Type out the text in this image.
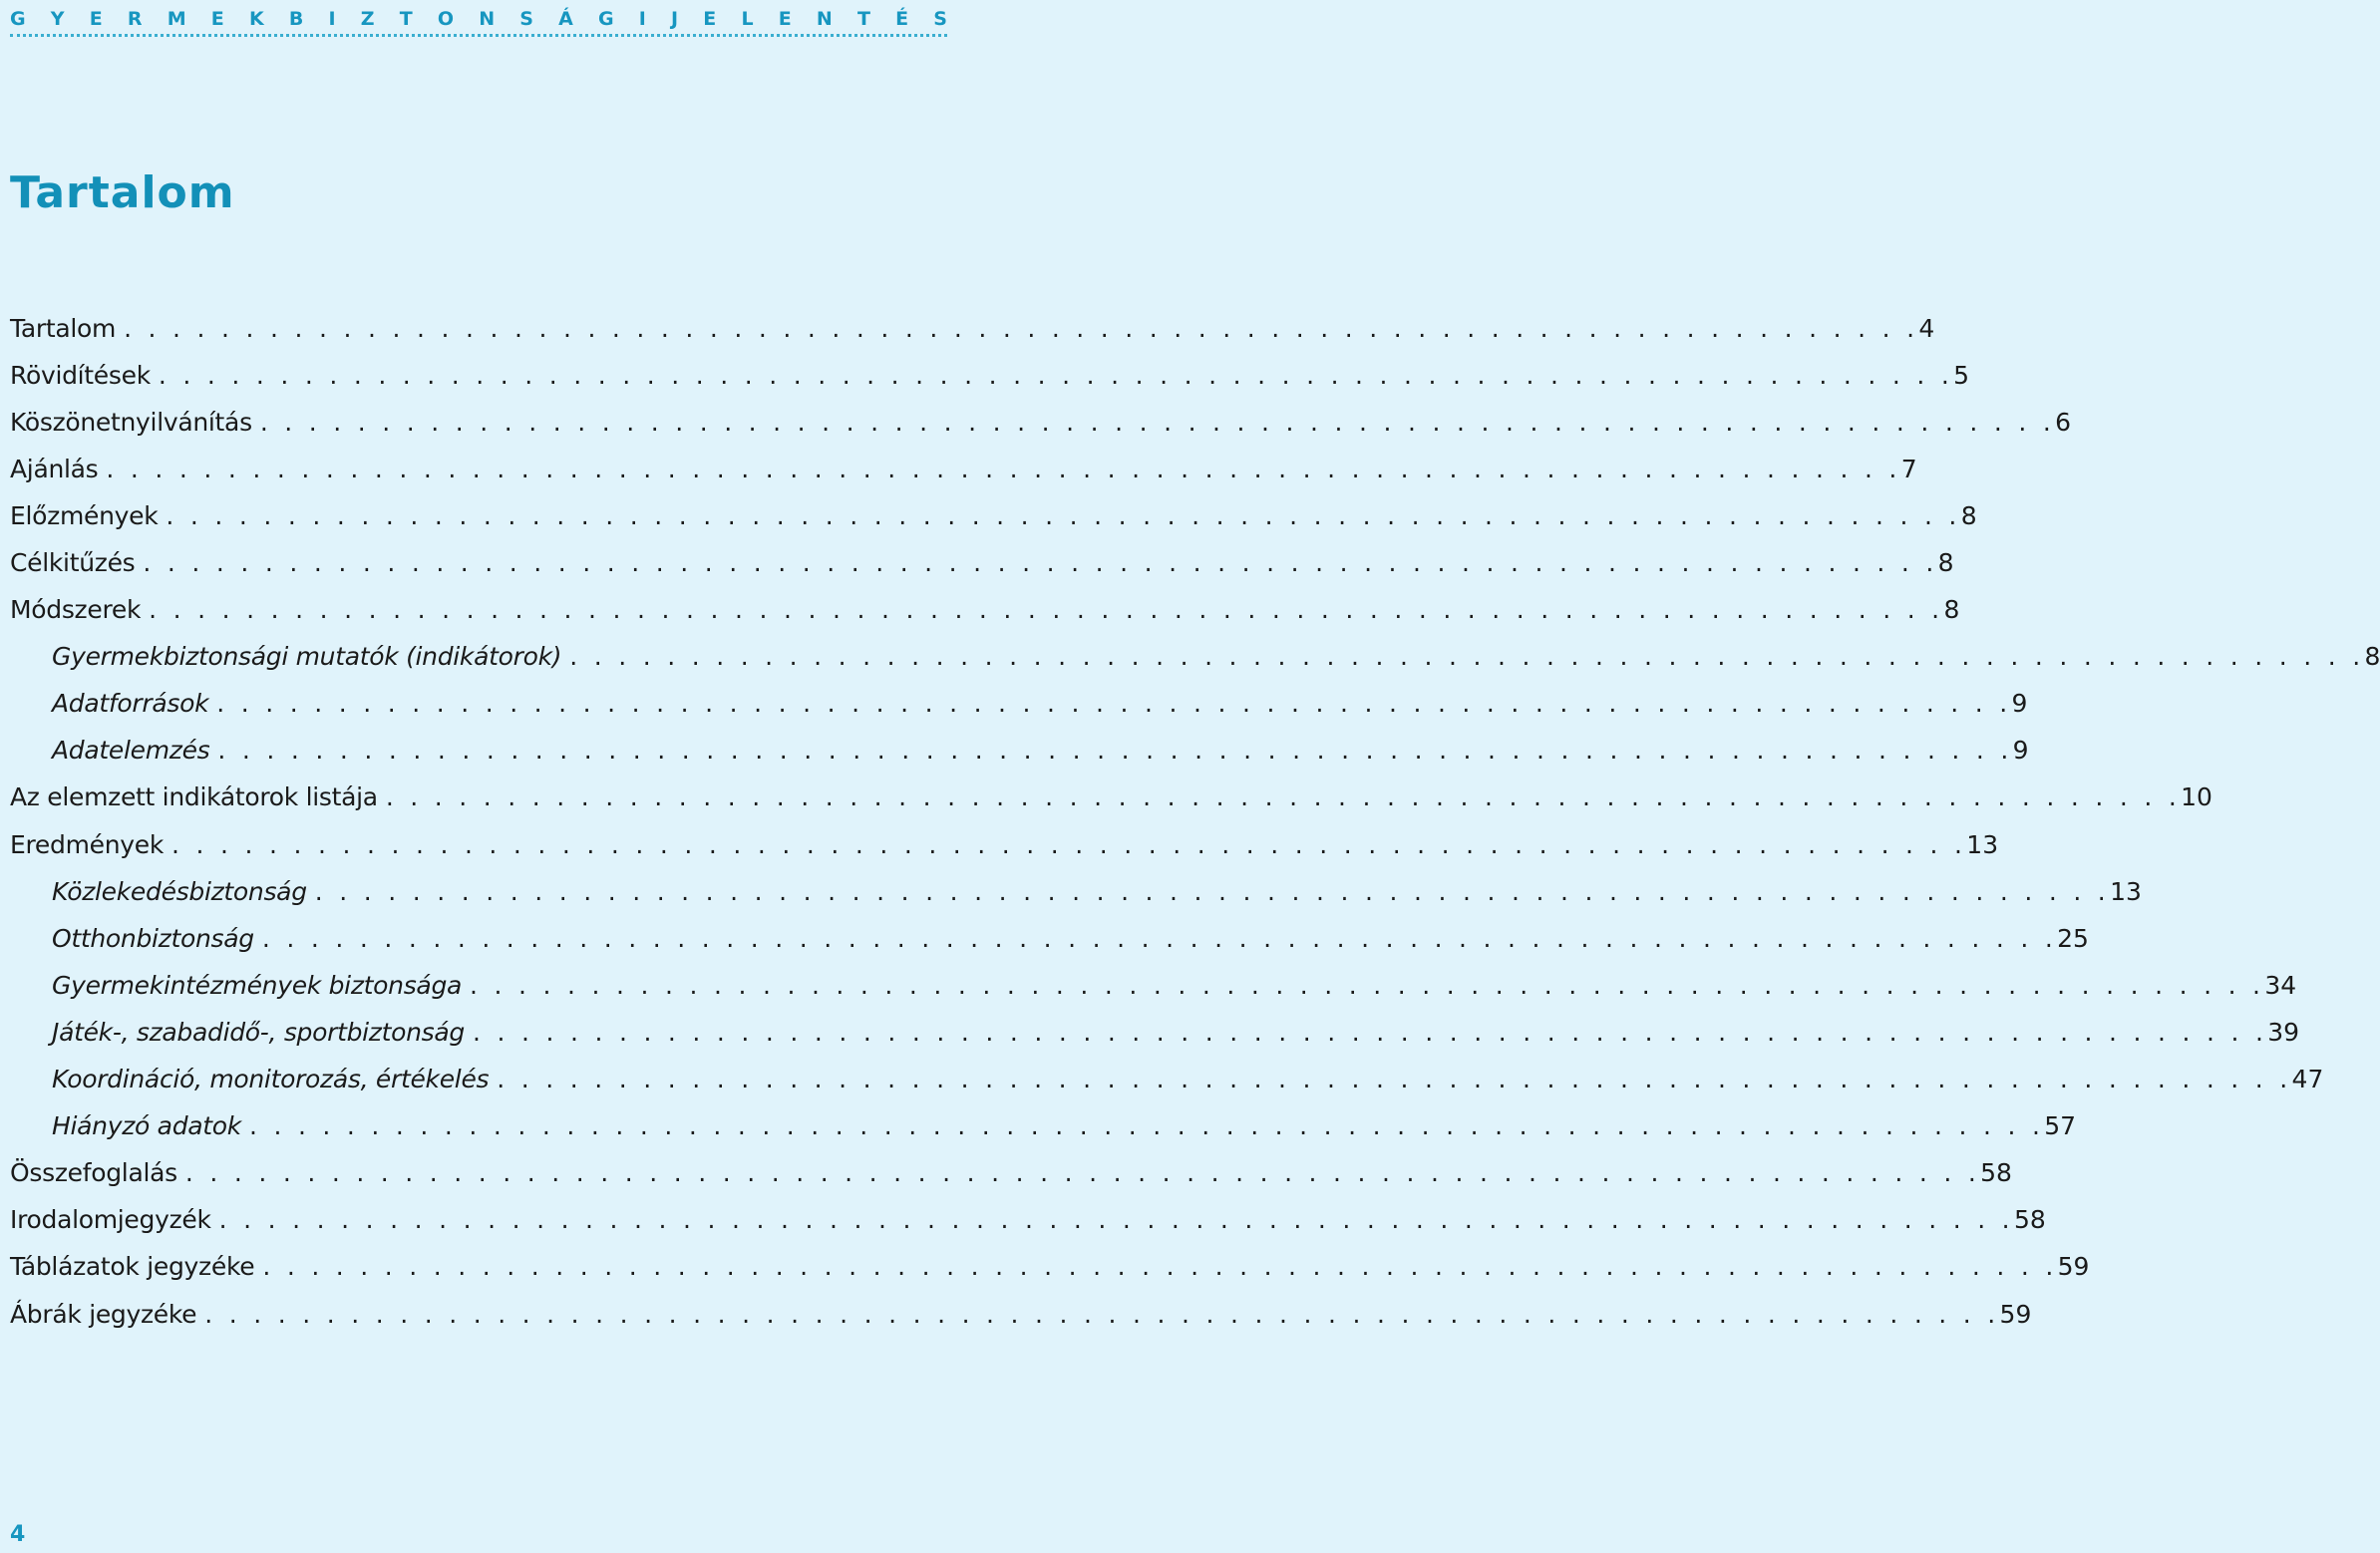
G Y E R M E K B I Z T O N S Á G I J E L E N T É S
Tartalom
Tartalom . . . . . . . . . . . . . . . . . . . . . . . . . . . . . . . . . . . . . . . . . . . . . . . . . . . . . . . . . . . . . . . . . . . . . . . . . . 4
Rövidítések . . . . . . . . . . . . . . . . . . . . . . . . . . . . . . . . . . . . . . . . . . . . . . . . . . . . . . . . . . . . . . . . . . . . . . . . . . 5
Köszönetnyilvánítás . . . . . . . . . . . . . . . . . . . . . . . . . . . . . . . . . . . . . . . . . . . . . . . . . . . . . . . . . . . . . . . . . . . . . . . . . . 6
Ajánlás . . . . . . . . . . . . . . . . . . . . . . . . . . . . . . . . . . . . . . . . . . . . . . . . . . . . . . . . . . . . . . . . . . . . . . . . . . 7
Előzmények . . . . . . . . . . . . . . . . . . . . . . . . . . . . . . . . . . . . . . . . . . . . . . . . . . . . . . . . . . . . . . . . . . . . . . . . . . 8
Célkitűzés . . . . . . . . . . . . . . . . . . . . . . . . . . . . . . . . . . . . . . . . . . . . . . . . . . . . . . . . . . . . . . . . . . . . . . . . . . 8
Módszerek . . . . . . . . . . . . . . . . . . . . . . . . . . . . . . . . . . . . . . . . . . . . . . . . . . . . . . . . . . . . . . . . . . . . . . . . . . 8
Gyermekbiztonsági mutatók (indikátorok) . . . . . . . . . . . . . . . . . . . . . . . . . . . . . . . . . . . . . . . . . . . . . . . . . . . . . . . . . . . . . . . . . . . . . . . . . . 8
Adatforrások . . . . . . . . . . . . . . . . . . . . . . . . . . . . . . . . . . . . . . . . . . . . . . . . . . . . . . . . . . . . . . . . . . . . . . . . . . 9
Adatelemzés . . . . . . . . . . . . . . . . . . . . . . . . . . . . . . . . . . . . . . . . . . . . . . . . . . . . . . . . . . . . . . . . . . . . . . . . . . 9
Az elemzett indikátorok listája . . . . . . . . . . . . . . . . . . . . . . . . . . . . . . . . . . . . . . . . . . . . . . . . . . . . . . . . . . . . . . . . . . . . . . . . . . 10
Eredmények . . . . . . . . . . . . . . . . . . . . . . . . . . . . . . . . . . . . . . . . . . . . . . . . . . . . . . . . . . . . . . . . . . . . . . . . . . 13
Közlekedésbiztonság . . . . . . . . . . . . . . . . . . . . . . . . . . . . . . . . . . . . . . . . . . . . . . . . . . . . . . . . . . . . . . . . . . . . . . . . . . 13
Otthonbiztonság . . . . . . . . . . . . . . . . . . . . . . . . . . . . . . . . . . . . . . . . . . . . . . . . . . . . . . . . . . . . . . . . . . . . . . . . . . 25
Gyermekintézmények biztonsága . . . . . . . . . . . . . . . . . . . . . . . . . . . . . . . . . . . . . . . . . . . . . . . . . . . . . . . . . . . . . . . . . . . . . . . . . . 34
Játék-, szabadidő-, sportbiztonság . . . . . . . . . . . . . . . . . . . . . . . . . . . . . . . . . . . . . . . . . . . . . . . . . . . . . . . . . . . . . . . . . . . . . . . . . . 39
Koordináció, monitorozás, értékelés . . . . . . . . . . . . . . . . . . . . . . . . . . . . . . . . . . . . . . . . . . . . . . . . . . . . . . . . . . . . . . . . . . . . . . . . . . 47
Hiányzó adatok . . . . . . . . . . . . . . . . . . . . . . . . . . . . . . . . . . . . . . . . . . . . . . . . . . . . . . . . . . . . . . . . . . . . . . . . . . 57
Összefoglalás . . . . . . . . . . . . . . . . . . . . . . . . . . . . . . . . . . . . . . . . . . . . . . . . . . . . . . . . . . . . . . . . . . . . . . . . . . 58
Irodalomjegyzék . . . . . . . . . . . . . . . . . . . . . . . . . . . . . . . . . . . . . . . . . . . . . . . . . . . . . . . . . . . . . . . . . . . . . . . . . . 58
Táblázatok jegyzéke . . . . . . . . . . . . . . . . . . . . . . . . . . . . . . . . . . . . . . . . . . . . . . . . . . . . . . . . . . . . . . . . . . . . . . . . . . 59
Ábrák jegyzéke . . . . . . . . . . . . . . . . . . . . . . . . . . . . . . . . . . . . . . . . . . . . . . . . . . . . . . . . . . . . . . . . . . . . . . . . . . 59
4
